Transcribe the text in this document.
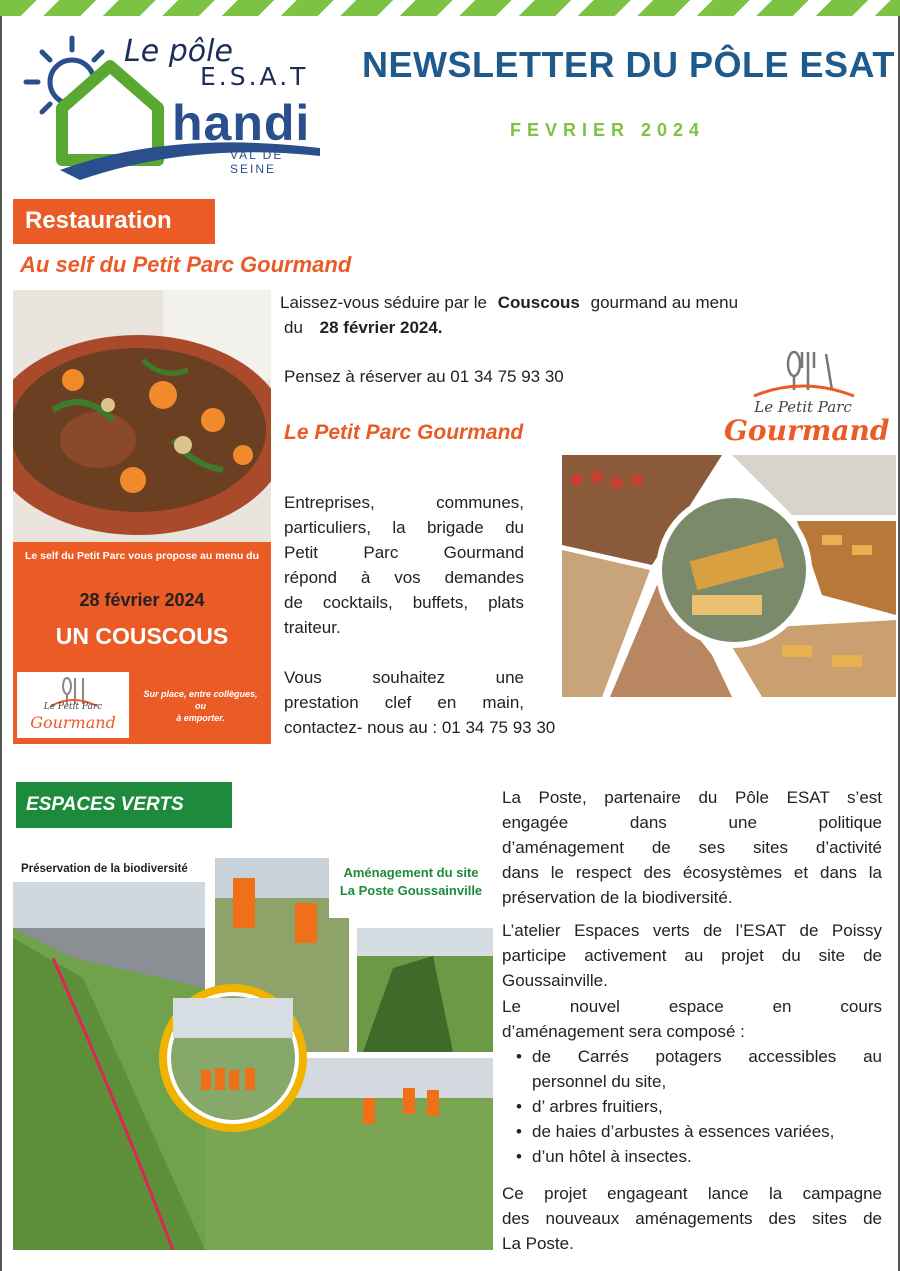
Le pôle
E.S.A.T
handi
VAL DE SEINE
NEWSLETTER DU PÔLE ESAT
FEVRIER 2024
Restauration
Au self du Petit Parc Gourmand
Le self du Petit Parc vous propose au menu du
28 février 2024
UN COUSCOUS
Le Petit Parc
Gourmand
Sur place, entre collègues,
ou
à emporter.
Laissez-vous séduire par le Couscous gourmand au menu
du 28 février 2024.
Pensez à réserver au 01 34 75 93 30
Le Petit Parc Gourmand
Le Petit Parc
Gourmand
Entreprises, communes,
particuliers, la brigade du
Petit Parc Gourmand
répond à vos demandes
de cocktails, buffets, plats
traiteur.
Vous souhaitez une
prestation clef en main,
contactez- nous au : 01 34 75 93 30
ESPACES VERTS
Préservation de la biodiversité	Aménagement du site
La Poste Goussainville
La Poste, partenaire du Pôle ESAT s’est
engagée dans une politique
d’aménagement de ses sites d’activité
dans le respect des écosystèmes et dans la
préservation de la biodiversité.
L’atelier Espaces verts de l’ESAT de Poissy
participe activement au projet du site de
Goussainville.
Le nouvel espace en cours
d’aménagement sera composé :
• de Carrés potagers accessibles au
personnel du site,
• d’ arbres fruitiers,
• de haies d’arbustes à essences variées,
• d’un hôtel à insectes.
Ce projet engageant lance la campagne
des nouveaux aménagements des sites de
La Poste.
